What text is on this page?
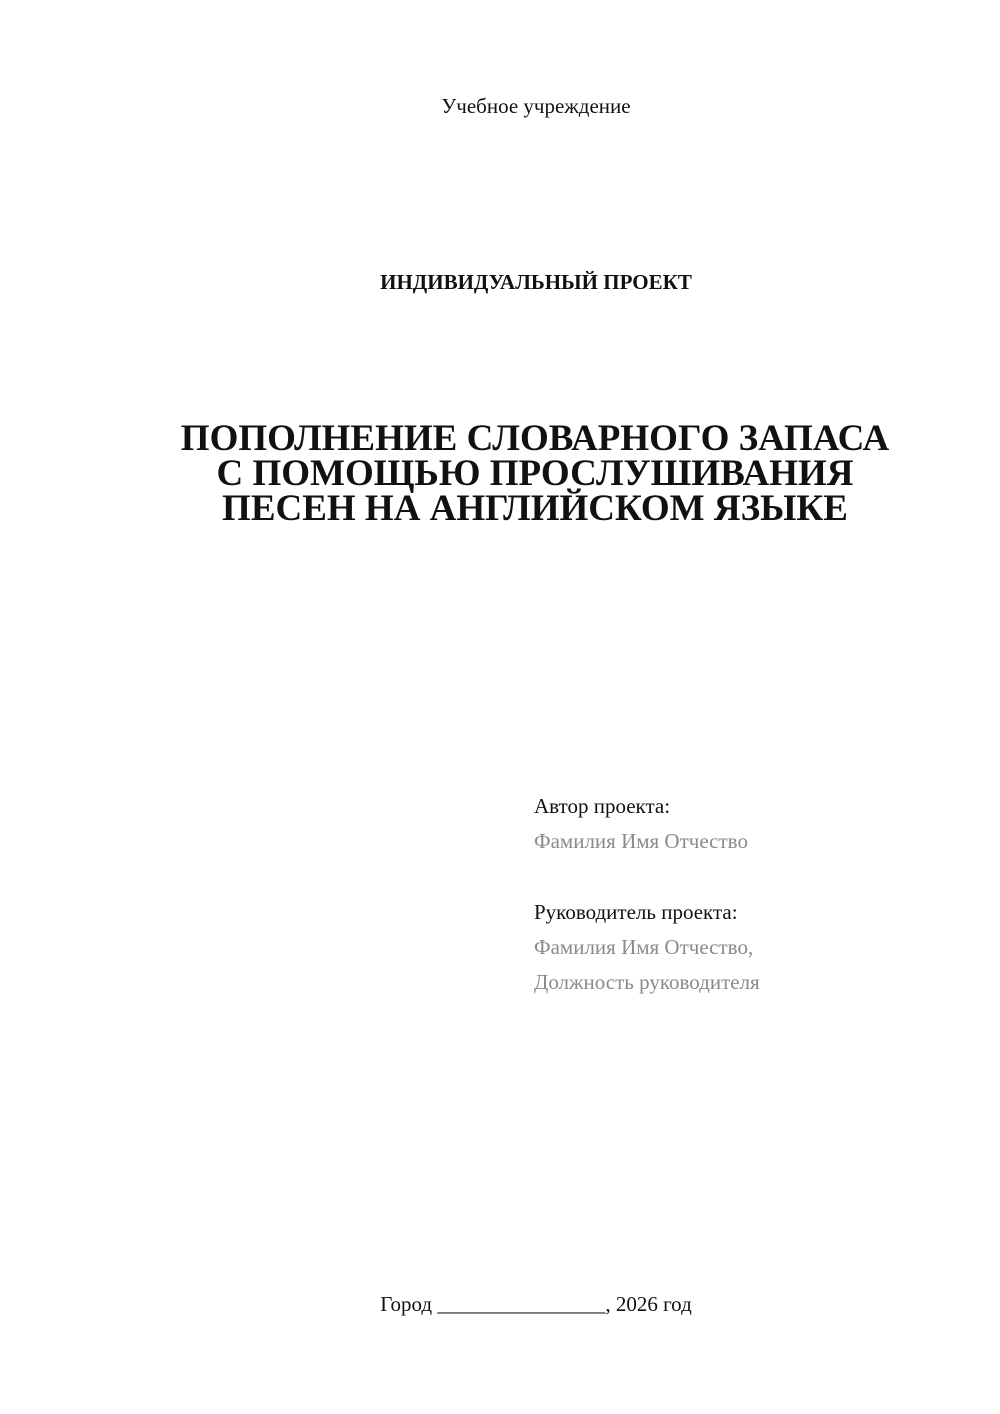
Учебное учреждение
ИНДИВИДУАЛЬНЫЙ ПРОЕКТ
ПОПОЛНЕНИЕ СЛОВАРНОГО ЗАПАСА
С ПОМОЩЬЮ ПРОСЛУШИВАНИЯ
ПЕСЕН НА АНГЛИЙСКОМ ЯЗЫКЕ
Автор проекта:
Фамилия Имя Отчество
Руководитель проекта:
Фамилия Имя Отчество,
Должность руководителя
Город ________________, 2026 год
